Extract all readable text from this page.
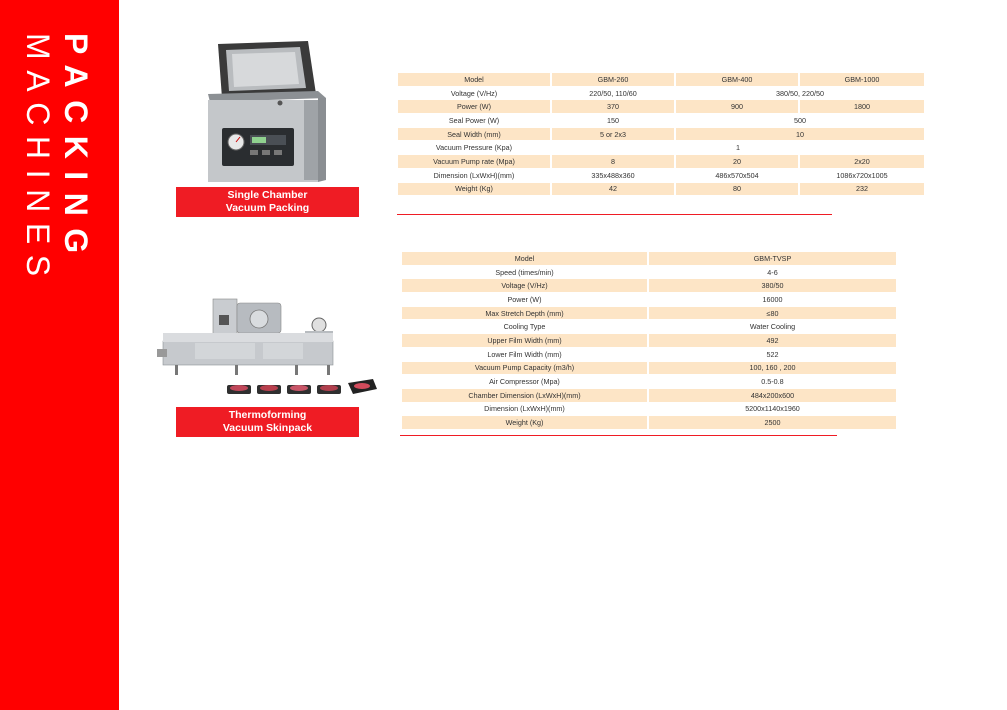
PACKING
MACHINES	Single Chamber
Vacuum Packing
Model	GBM-260	GBM-400	GBM-1000
Voltage (V/Hz)	220/50, 110/60	380/50, 220/50	
Power (W)	370	900	1800
Seal Power (W)	150	500	
Seal Width (mm)	5 or 2x3	10	
Vacuum Pressure (Kpa)	1		
Vacuum Pump rate (Mpa)	8	20	2x20
Dimension (LxWxH)(mm)	335x488x360	486x570x504	1086x720x1005
Weight (Kg)	42	80	232
Thermoforming
Vacuum Skinpack
Model	GBM-TVSP
Speed (times/min)	4-6
Voltage (V/Hz)	380/50
Power (W)	16000
Max Stretch Depth (mm)	≤80
Cooling Type	Water Cooling
Upper Film Width (mm)	492
Lower Film Width (mm)	522
Vacuum Pump Capacity (m3/h)	100, 160 , 200
Air Compressor (Mpa)	0.5-0.8
Chamber Dimension (LxWxH)(mm)	484x200x600
Dimension (LxWxH)(mm)	5200x1140x1960
Weight (Kg)	2500
